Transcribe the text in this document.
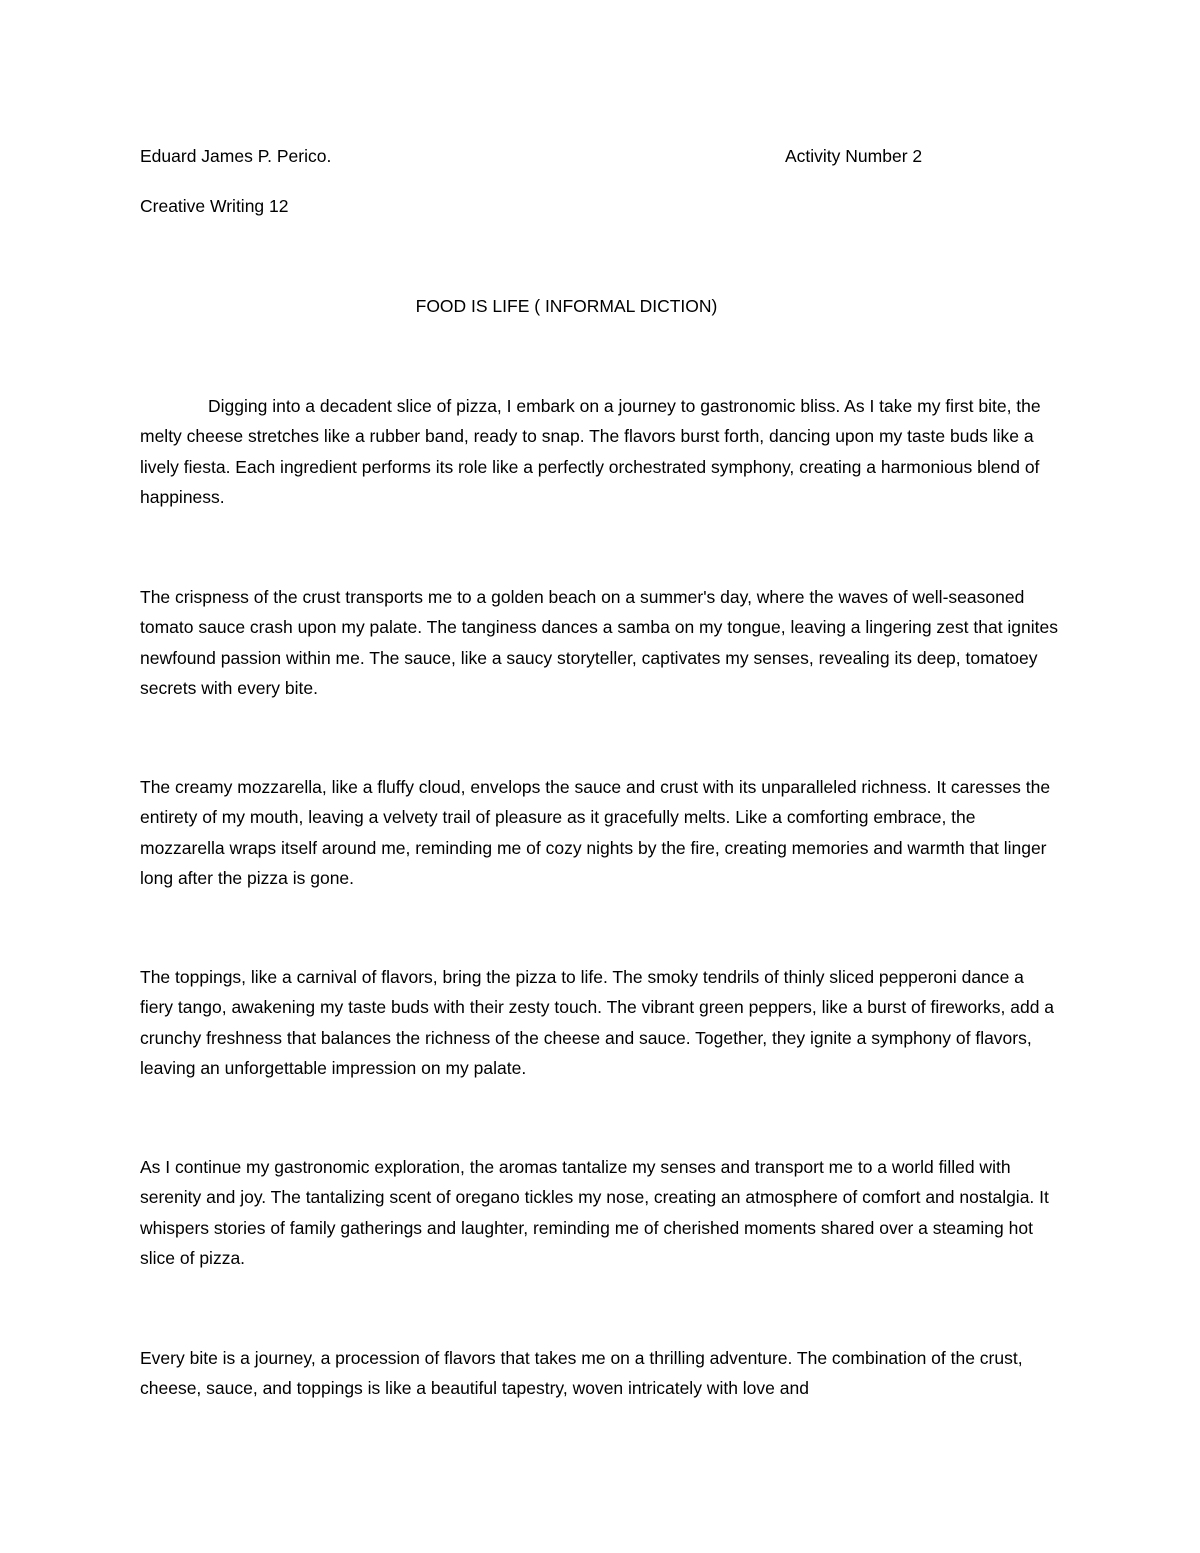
Eduard James P. Perico.	Activity Number 2
Creative Writing 12
FOOD IS LIFE ( INFORMAL DICTION)

Digging into a decadent slice of pizza, I embark on a journey to gastronomic bliss. As I take my first bite, the melty cheese stretches like a rubber band, ready to snap. The flavors burst forth, dancing upon my taste buds like a lively fiesta. Each ingredient performs its role like a perfectly orchestrated symphony, creating a harmonious blend of happiness.

The crispness of the crust transports me to a golden beach on a summer's day, where the waves of well-seasoned tomato sauce crash upon my palate. The tanginess dances a samba on my tongue, leaving a lingering zest that ignites newfound passion within me. The sauce, like a saucy storyteller, captivates my senses, revealing its deep, tomatoey secrets with every bite.

The creamy mozzarella, like a fluffy cloud, envelops the sauce and crust with its unparalleled richness. It caresses the entirety of my mouth, leaving a velvety trail of pleasure as it gracefully melts. Like a comforting embrace, the mozzarella wraps itself around me, reminding me of cozy nights by the fire, creating memories and warmth that linger long after the pizza is gone.

The toppings, like a carnival of flavors, bring the pizza to life. The smoky tendrils of thinly sliced pepperoni dance a fiery tango, awakening my taste buds with their zesty touch. The vibrant green peppers, like a burst of fireworks, add a crunchy freshness that balances the richness of the cheese and sauce. Together, they ignite a symphony of flavors, leaving an unforgettable impression on my palate.

As I continue my gastronomic exploration, the aromas tantalize my senses and transport me to a world filled with serenity and joy. The tantalizing scent of oregano tickles my nose, creating an atmosphere of comfort and nostalgia. It whispers stories of family gatherings and laughter, reminding me of cherished moments shared over a steaming hot slice of pizza.

Every bite is a journey, a procession of flavors that takes me on a thrilling adventure. The combination of the crust, cheese, sauce, and toppings is like a beautiful tapestry, woven intricately with love and
